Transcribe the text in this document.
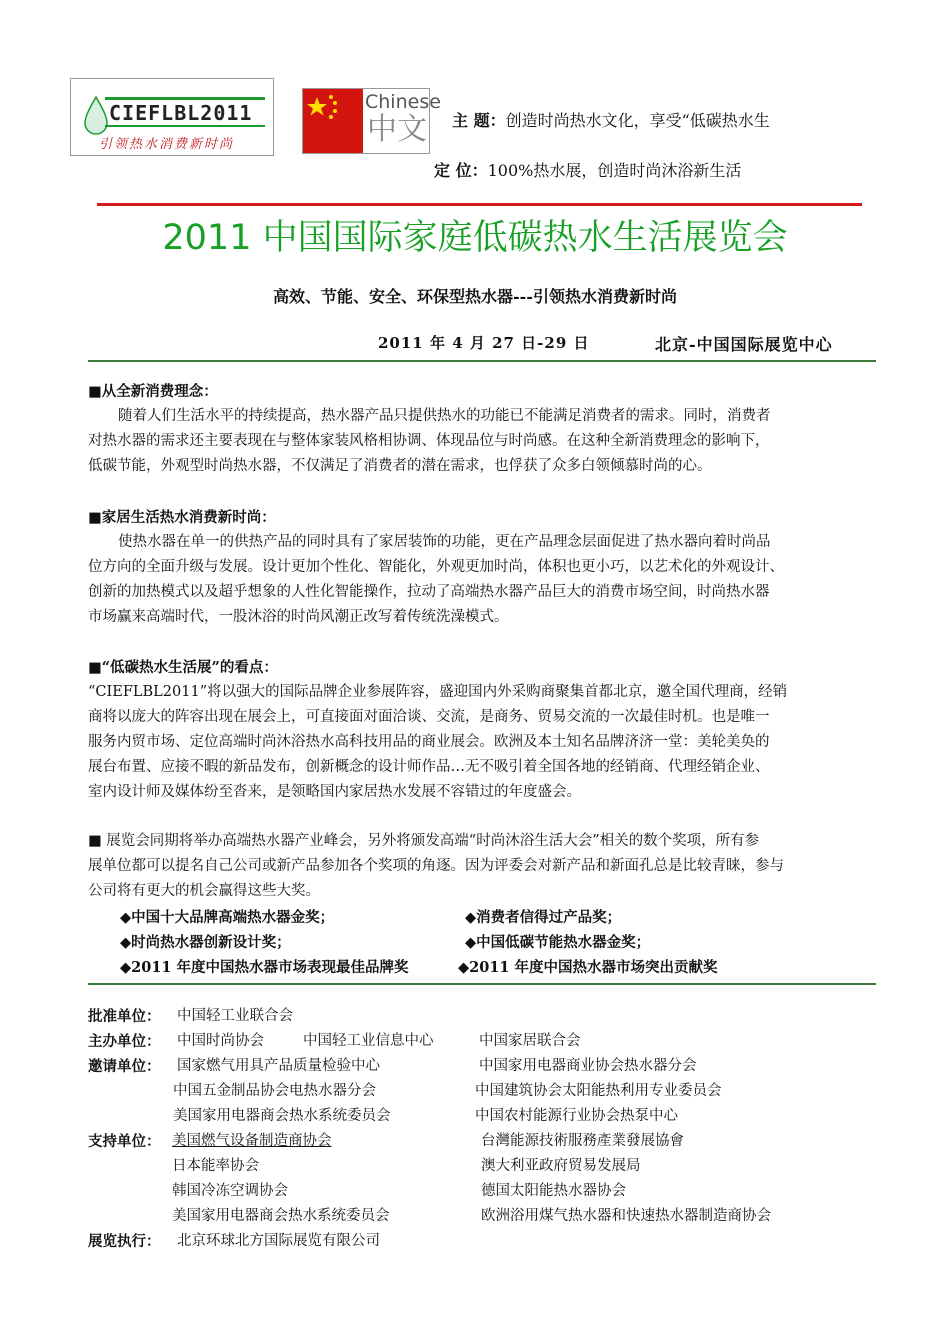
CIEFLBL2011
引领热水消费新时尚
Chinese
中文 主 题：创造时尚热水文化，享受“低碳热水生
定 位：100%热水展，创造时尚沐浴新生活
2011 中国国际家庭低碳热水生活展览会
高效、节能、安全、环保型热水器---引领热水消费新时尚
2011 年 4 月 27 日-29 日	北京-中国国际展览中心
■从全新消费理念：
随着人们生活水平的持续提高，热水器产品只提供热水的功能已不能满足消费者的需求。同时，消费者
对热水器的需求还主要表现在与整体家装风格相协调、体现品位与时尚感。在这种全新消费理念的影响下，
低碳节能，外观型时尚热水器，不仅满足了消费者的潜在需求，也俘获了众多白领倾慕时尚的心。
■家居生活热水消费新时尚：
使热水器在单一的供热产品的同时具有了家居装饰的功能，更在产品理念层面促进了热水器向着时尚品
位方向的全面升级与发展。设计更加个性化、智能化，外观更加时尚，体积也更小巧，以艺术化的外观设计、
创新的加热模式以及超乎想象的人性化智能操作，拉动了高端热水器产品巨大的消费市场空间，时尚热水器
市场赢来高端时代，一股沐浴的时尚风潮正改写着传统洗澡模式。
■“低碳热水生活展”的看点：
“CIEFLBL2011”将以强大的国际品牌企业参展阵容，盛迎国内外采购商聚集首都北京，邀全国代理商，经销
商将以庞大的阵容出现在展会上，可直接面对面洽谈、交流，是商务、贸易交流的一次最佳时机。也是唯一
服务内贸市场、定位高端时尚沐浴热水高科技用品的商业展会。欧洲及本土知名品牌济济一堂：美轮美奂的
展台布置、应接不暇的新品发布，创新概念的设计师作品…无不吸引着全国各地的经销商、代理经销企业、
室内设计师及媒体纷至沓来，是领略国内家居热水发展不容错过的年度盛会。
■ 展览会同期将举办高端热水器产业峰会，另外将颁发高端“时尚沐浴生活大会”相关的数个奖项，所有参
展单位都可以提名自己公司或新产品参加各个奖项的角逐。因为评委会对新产品和新面孔总是比较青睐，参与
公司将有更大的机会赢得这些大奖。
◆中国十大品牌高端热水器金奖；	◆消费者信得过产品奖；
◆时尚热水器创新设计奖；	◆中国低碳节能热水器金奖；
◆2011 年度中国热水器市场表现最佳品牌奖	◆2011 年度中国热水器市场突出贡献奖
批准单位： 中国轻工业联合会
主办单位： 中国时尚协会	中国轻工业信息中心	中国家居联合会
邀请单位： 国家燃气用具产品质量检验中心	中国家用电器商业协会热水器分会
中国五金制品协会电热水器分会	中国建筑协会太阳能热利用专业委员会
美国家用电器商会热水系统委员会	中国农村能源行业协会热泵中心
支持单位： 美国燃气设备制造商协会	台灣能源技術服務產業發展協會
日本能率协会	澳大利亚政府贸易发展局
韩国冷冻空调协会	德国太阳能热水器协会
美国家用电器商会热水系统委员会	欧洲浴用煤气热水器和快速热水器制造商协会
展览执行： 北京环球北方国际展览有限公司
